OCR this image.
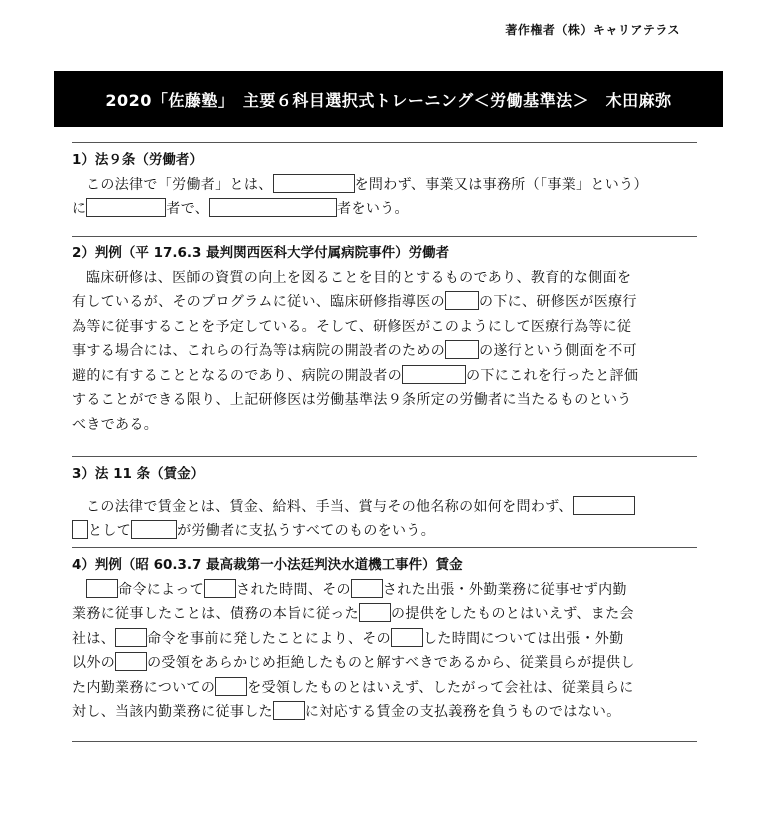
著作権者（株）キャリアテラス
2020「佐藤塾」　主要６科目選択式トレーニング＜労働基準法＞　木田麻弥
1）法９条（労働者）
この法律で「労働者」とは、	を問わず、事業又は事務所（「事業」という）
に	者で、	者をいう。
2）判例（平 17.6.3 最判関西医科大学付属病院事件）労働者
臨床研修は、医師の資質の向上を図ることを目的とするものであり、教育的な側面を
有しているが、そのプログラムに従い、臨床研修指導医の の下に、研修医が医療行
為等に従事することを予定している。そして、研修医がこのようにして医療行為等に従
事する場合には、これらの行為等は病院の開設者のための の遂行という側面を不可
避的に有することとなるのであり、病院の開設者の	の下にこれを行ったと評価
することができる限り、上記研修医は労働基準法９条所定の労働者に当たるものという
べきである。
3）法 11 条（賃金）
この法律で賃金とは、賃金、給料、手当、賞与その他名称の如何を問わず、
として	が労働者に支払うすべてのものをいう。
4）判例（昭 60.3.7 最高裁第一小法廷判決水道機工事件）賃金
命令によって された時間、その された出張・外勤業務に従事せず内勤
業務に従事したことは、債務の本旨に従った の提供をしたものとはいえず、また会
社は、 命令を事前に発したことにより、その した時間については出張・外勤
以外の の受領をあらかじめ拒絶したものと解すべきであるから、従業員らが提供し
た内勤業務についての を受領したものとはいえず、したがって会社は、従業員らに
対し、当該内勤業務に従事した に対応する賃金の支払義務を負うものではない。
